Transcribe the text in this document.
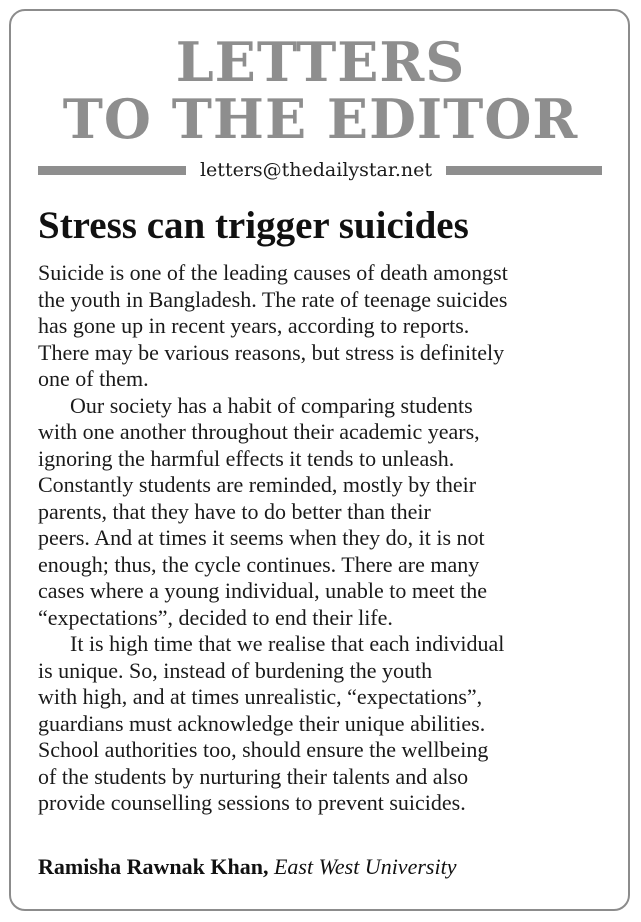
LETTERS
TO THE EDITOR
letters@thedailystar.net
Stress can trigger suicides
Suicide is one of the leading causes of death amongst
the youth in Bangladesh. The rate of teenage suicides
has gone up in recent years, according to reports.
There may be various reasons, but stress is definitely
one of them.
Our society has a habit of comparing students
with one another throughout their academic years,
ignoring the harmful effects it tends to unleash.
Constantly students are reminded, mostly by their
parents, that they have to do better than their
peers. And at times it seems when they do, it is not
enough; thus, the cycle continues. There are many
cases where a young individual, unable to meet the
“expectations”, decided to end their life.
It is high time that we realise that each individual
is unique. So, instead of burdening the youth
with high, and at times unrealistic, “expectations”,
guardians must acknowledge their unique abilities.
School authorities too, should ensure the wellbeing
of the students by nurturing their talents and also
provide counselling sessions to prevent suicides.
Ramisha Rawnak Khan, East West University
